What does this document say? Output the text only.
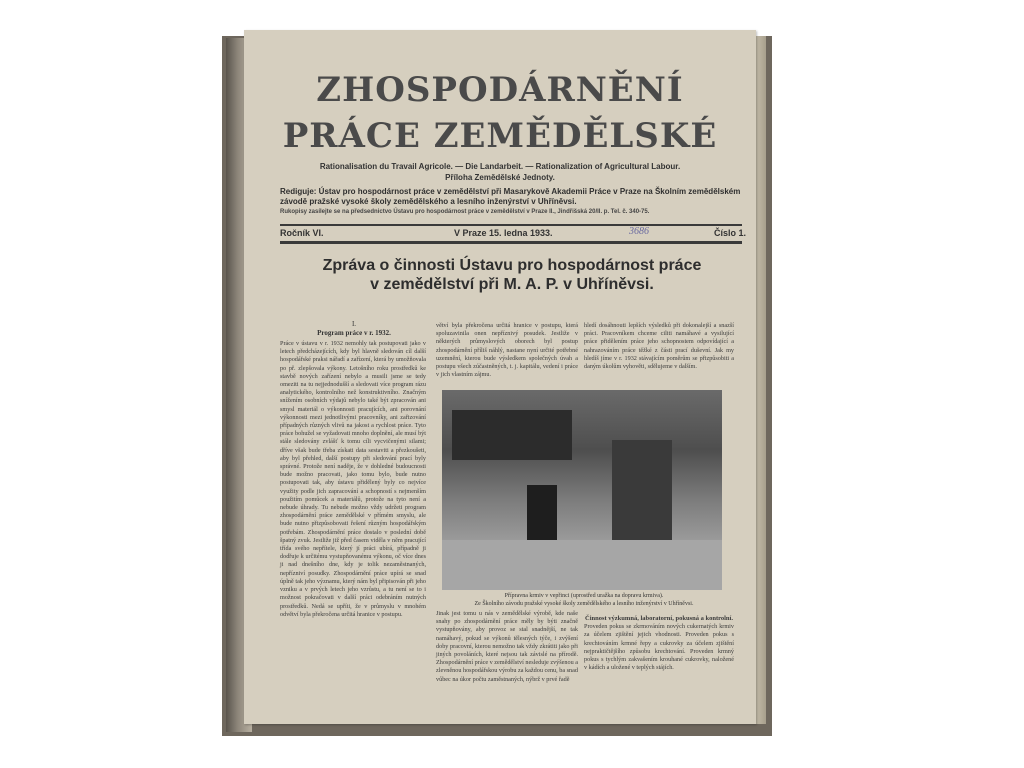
ZHOSPODÁRNĚNÍ
PRÁCE ZEMĚDĚLSKÉ
Rationalisation du Travail Agricole. — Die Landarbeit. — Rationalization of Agricultural Labour.
Příloha Zemědělské Jednoty.
Rediguje: Ústav pro hospodárnost práce v zemědělství při Masarykově Akademii Práce v Praze na Školním zemědělském závodě pražské vysoké školy zemědělského a lesního inženýrství v Uhříněvsi.
Rukopisy zasílejte se na předsednictvo Ústavu pro hospodárnost práce v zemědělství v Praze II., Jindřišská 20/II. p. Tel. č. 340-75.
Ročník VI.	V Praze 15. ledna 1933.	3686	Číslo 1.
Zpráva o činnosti Ústavu pro hospodárnost práce
v zemědělství při M. A. P. v Uhříněvsi.
I.
Program práce v r. 1932.
Práce v ústavu v r. 1932 nemohly tak postupovati jako v letech předcházejících, kdy byl hlavně sledován cíl další hospodářské praksi nářadí a zařízení, která by umožňovala po př. zlepšovala výkony. Letošního roku prostředků ke stavbě nových zařízení nebylo a musili jsme se tedy omeziti na tu nejjednodušší a sledovati více program rázu analytického, kontrolního než konstruktivního. Značným snížením osobních výdajů nebylo také být zpracován ani smysl materiál o výkonnosti pracujících, ani porovnání výkonnosti mezi jednotlivými pracovníky, ani zařizování případných různých vlivů na jakost a rychlost práce. Tyto práce bohužel se vyžadovati mnoho doplnění, ale musí být stále sledovány zvlášť k tomu cíli vycvičenými silami; dříve však bude třeba získati data sestaviti a přezkoušeti, aby byl přehled, další postupy při sledování prací byly správné. Protože není naděje, že v dohledné budoucnosti bude možno pracovati, jako tomu bylo, bude nutno postupovati tak, aby ústavu přidělený byly co nejvíce využity podle jich zapracování a schopností s nejmenším použitím pomůcek a materiálů, protože na tyto není a nebude úhrady. Tu nebude možno vždy udržeti program zhospodárnění práce zemědělské v přímém smyslu, ale bude nutno přizpůsobovati řešení různým hospodářským potřebám. Zhospodárnění práce dostalo v poslední době špatný zvuk. Jestliže již před časem viděla v něm pracující třída svého nepřítele, který jí práci ubírá, případně ji dodřuje k určitému vystupňovanému výkonu, oč více dnes ji nad dnešního dne, kdy je tolik nezaměstnaných, nepřízniví posudky. Zhospodárnění práce upírá se snad úplně tak jeho významu, který nám byl připisován při jeho vzniku a v prvých letech jeho vzrůstu, a tu není se to i možnost pokračovati v další práci odebráním nutných prostředků. Nedá se upříti, že v průmyslu v mnohém odvětví byla překročena určitá hranice v postupu.
větví byla překročena určitá hranice v postupu, která spoluzavinila onen nepříznivý posudek. Jestliže v některých průmyslových oborech byl postup zhospodárnění příliš náhlý, nastane nyní určité potřebné uzemnění, kterou bude výsledkem společných úvah a postupu všech zúčastněných, t. j. kapitálu, vedení i práce v jich vlastním zájmu.
hledí dosáhnouti lepších výsledků při dokonalejší a snazší práci. Pracovníkem chceme ciliti namáhavé a vysilující práce přidělením práce jeho schopnostem odpovídající a nahrazováním práce těžké z části prací duševní. Jak my hledíš jíme v r. 1932 stávajícím poměrům se přizpůsobiti a daným úkolům vyhověti, sdělujeme v dalším.
Přípravna krmiv v vepřinci (uprostřed uražka na dopravu krmiva).
Ze Školního závodu pražské vysoké školy zemědělského a lesního inženýrství v Uhříněvsi.
Jinak jest tomu u nás v zemědělské výrobě, kde naše snahy po zhospodárnění práce měly by býti značně vystupňovány, aby provoz se stal snadnější, ne tak namáhavý, pokud se výkonů tělesných týče, i zvýšení doby pracovní, kterou nemožno tak vždy zkrátiti jako při jiných povoláních, které nejsou tak závislé na přírodě. Zhospodárnění práce v zemědělství nesleduje zvýšenou a zlevněnou hospodářskou výrobu za každou cenu, ba snad vůbec na úkor počtu zaměstnaných, nýbrž v prvé řadě
Činnost výzkumná, laboratorní, pokusná a kontrolní.
Proveden pokus se zkrmováním nových cukernatých krmiv za účelem zjištění jejich vhodnosti. Proveden pokus s krechtováním krmné řepy a cukrovky za účelem zjištění nejpraktičtějšího způsobu krechtování. Proveden krmný pokus s tychlým zakvašením krouhané cukrovky, naložené v kádích a uložené v teplých stájích.
